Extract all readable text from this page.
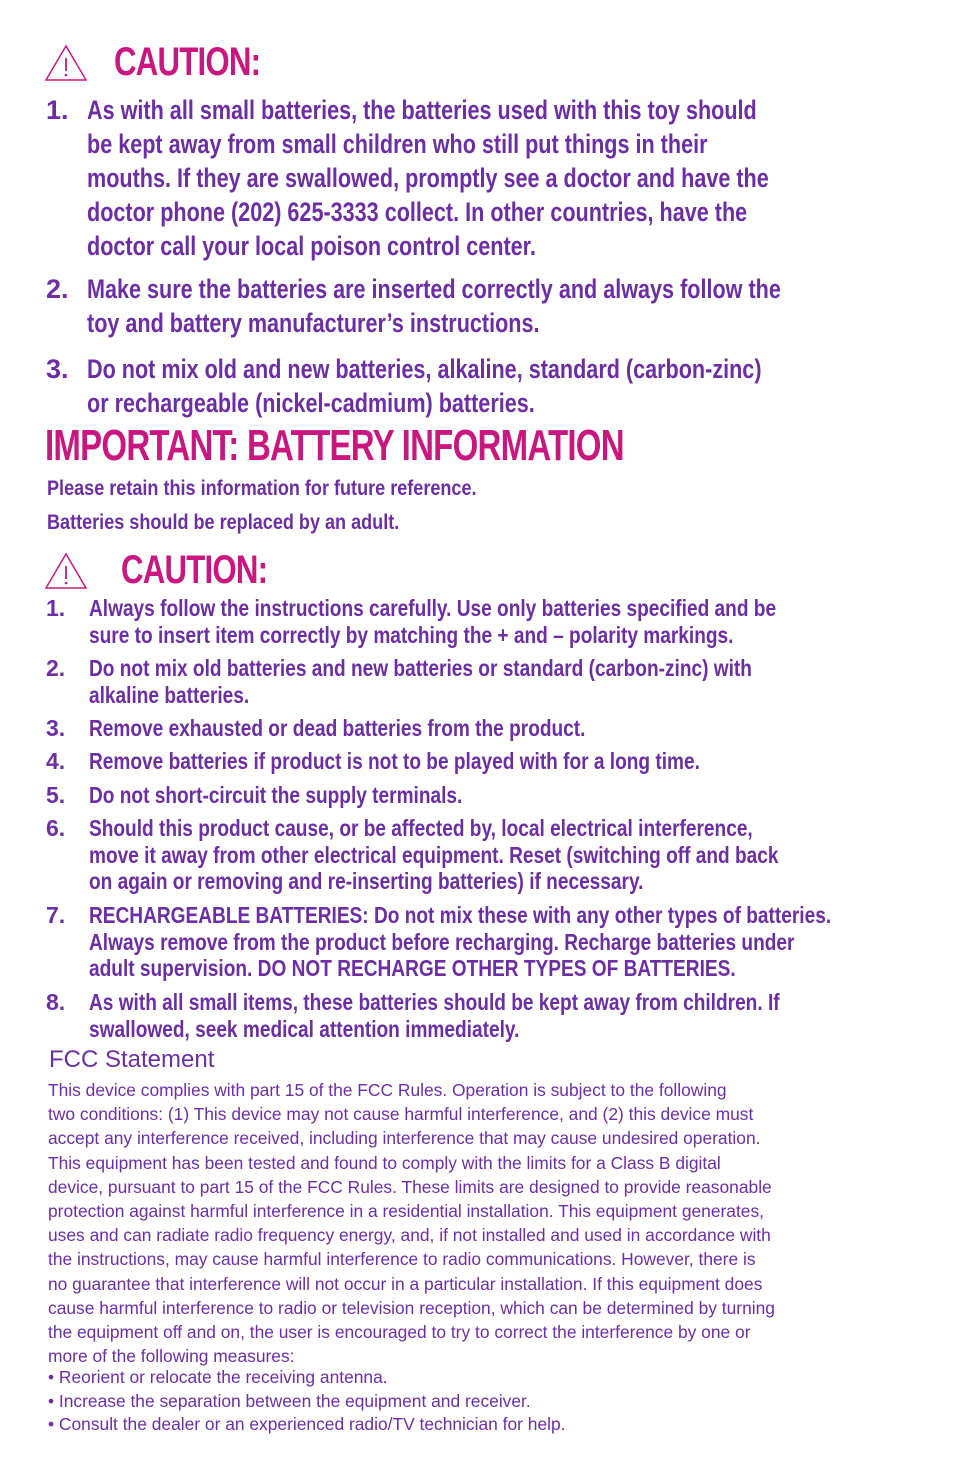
CAUTION:
1. As with all small batteries, the batteries used with this toy should
be kept away from small children who still put things in their
mouths. If they are swallowed, promptly see a doctor and have the
doctor phone (202) 625-3333 collect. In other countries, have the
doctor call your local poison control center.
2. Make sure the batteries are inserted correctly and always follow the
toy and battery manufacturer’s instructions.
3. Do not mix old and new batteries, alkaline, standard (carbon-zinc)
or rechargeable (nickel-cadmium) batteries.
IMPORTANT: BATTERY INFORMATION
Please retain this information for future reference.
Batteries should be replaced by an adult.
CAUTION:
1. Always follow the instructions carefully. Use only batteries specified and be
sure to insert item correctly by matching the + and – polarity markings.
2. Do not mix old batteries and new batteries or standard (carbon-zinc) with
alkaline batteries.
3. Remove exhausted or dead batteries from the product.
4. Remove batteries if product is not to be played with for a long time.
5. Do not short-circuit the supply terminals.
6. Should this product cause, or be affected by, local electrical interference,
move it away from other electrical equipment. Reset (switching off and back
on again or removing and re-inserting batteries) if necessary.
7. RECHARGEABLE BATTERIES: Do not mix these with any other types of batteries.
Always remove from the product before recharging. Recharge batteries under
adult supervision. DO NOT RECHARGE OTHER TYPES OF BATTERIES.
8. As with all small items, these batteries should be kept away from children. If
swallowed, seek medical attention immediately.
FCC Statement
This device complies with part 15 of the FCC Rules. Operation is subject to the following
two conditions: (1) This device may not cause harmful interference, and (2) this device must
accept any interference received, including interference that may cause undesired operation.
This equipment has been tested and found to comply with the limits for a Class B digital
device, pursuant to part 15 of the FCC Rules. These limits are designed to provide reasonable
protection against harmful interference in a residential installation. This equipment generates,
uses and can radiate radio frequency energy, and, if not installed and used in accordance with
the instructions, may cause harmful interference to radio communications. However, there is
no guarantee that interference will not occur in a particular installation. If this equipment does
cause harmful interference to radio or television reception, which can be determined by turning
the equipment off and on, the user is encouraged to try to correct the interference by one or
more of the following measures:
• Reorient or relocate the receiving antenna.
• Increase the separation between the equipment and receiver.
• Consult the dealer or an experienced radio/TV technician for help.
